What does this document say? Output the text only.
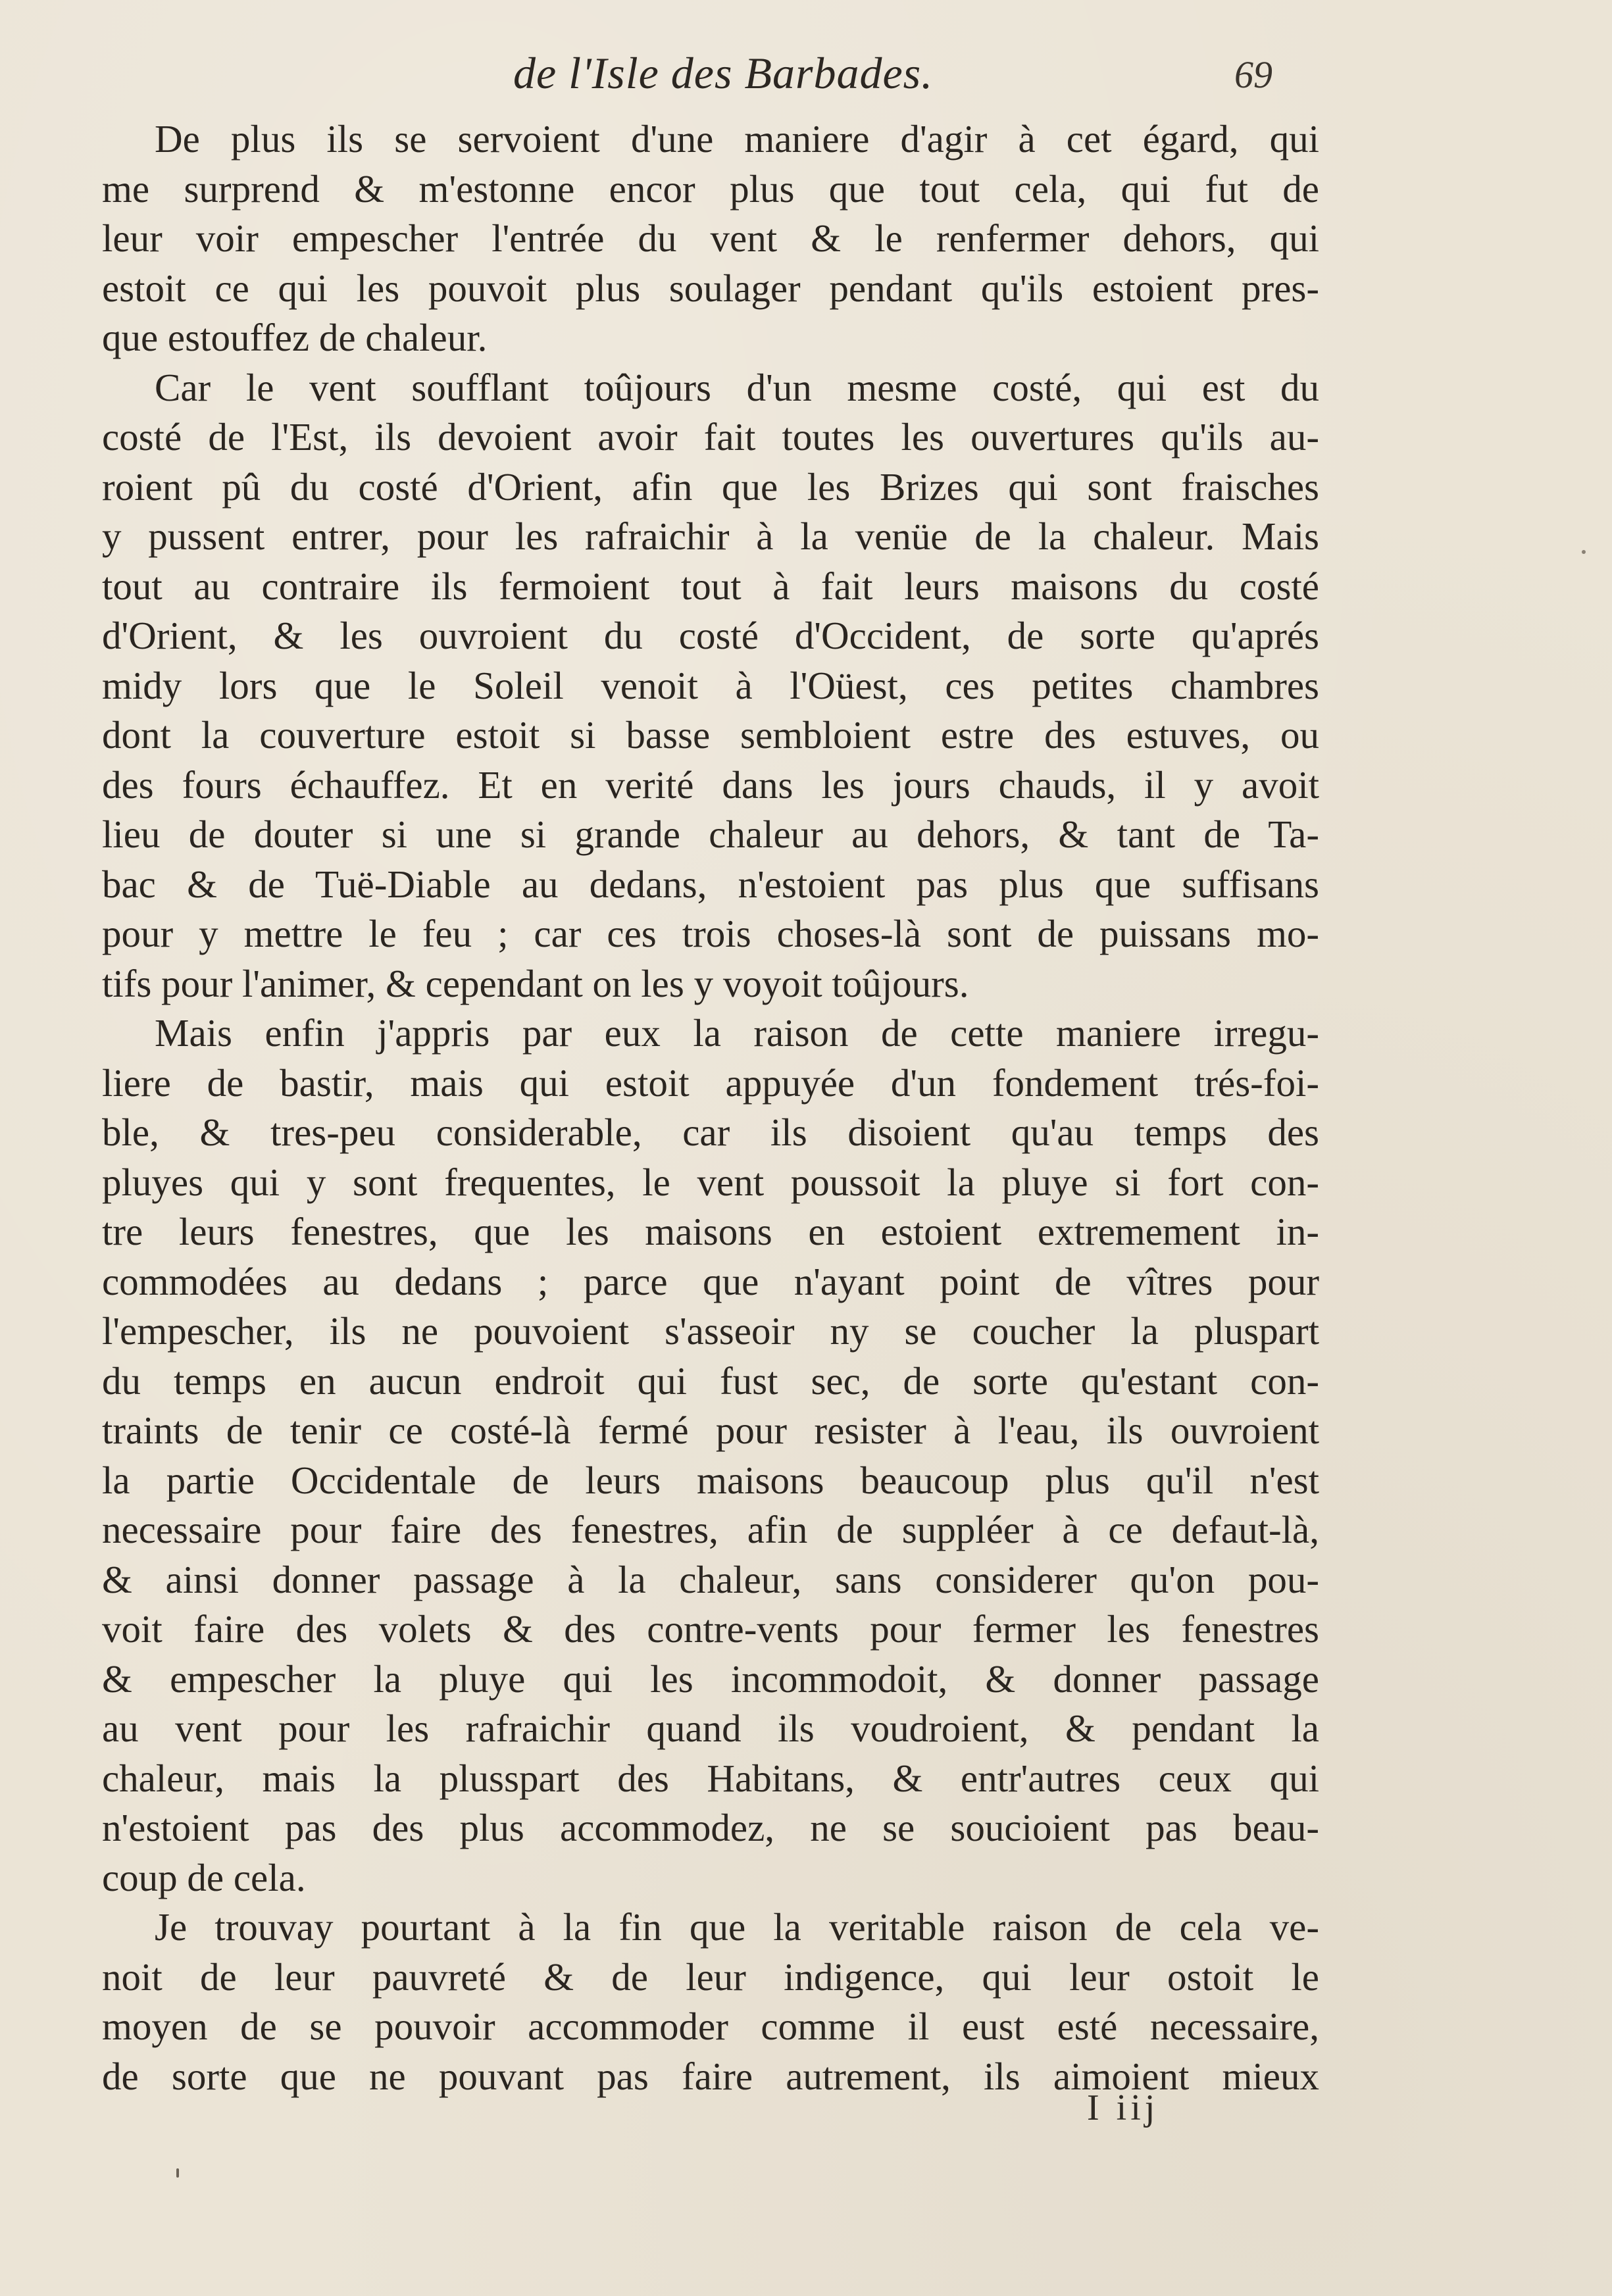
de l'Isle des Barbades.	69
De plus ils se servoient d'une maniere d'agir à cet égard, qui
me surprend & m'estonne encor plus que tout cela, qui fut de
leur voir empescher l'entrée du vent & le renfermer dehors, qui
estoit ce qui les pouvoit plus soulager pendant qu'ils estoient pres-
que estouffez de chaleur.
Car le vent soufflant toûjours d'un mesme costé, qui est du
costé de l'Est, ils devoient avoir fait toutes les ouvertures qu'ils au-
roient pû du costé d'Orient, afin que les Brizes qui sont fraisches
y pussent entrer, pour les rafraichir à la venüe de la chaleur. Mais
tout au contraire ils fermoient tout à fait leurs maisons du costé
d'Orient, & les ouvroient du costé d'Occident, de sorte qu'aprés
midy lors que le Soleil venoit à l'Oüest, ces petites chambres
dont la couverture estoit si basse sembloient estre des estuves, ou
des fours échauffez. Et en verité dans les jours chauds, il y avoit
lieu de douter si une si grande chaleur au dehors, & tant de Ta-
bac & de Tuë-Diable au dedans, n'estoient pas plus que suffisans
pour y mettre le feu ; car ces trois choses-là sont de puissans mo-
tifs pour l'animer, & cependant on les y voyoit toûjours.
Mais enfin j'appris par eux la raison de cette maniere irregu-
liere de bastir, mais qui estoit appuyée d'un fondement trés-foi-
ble, & tres-peu considerable, car ils disoient qu'au temps des
pluyes qui y sont frequentes, le vent poussoit la pluye si fort con-
tre leurs fenestres, que les maisons en estoient extremement in-
commodées au dedans ; parce que n'ayant point de vîtres pour
l'empescher, ils ne pouvoient s'asseoir ny se coucher la pluspart
du temps en aucun endroit qui fust sec, de sorte qu'estant con-
traints de tenir ce costé-là fermé pour resister à l'eau, ils ouvroient
la partie Occidentale de leurs maisons beaucoup plus qu'il n'est
necessaire pour faire des fenestres, afin de suppléer à ce defaut-là,
& ainsi donner passage à la chaleur, sans considerer qu'on pou-
voit faire des volets & des contre-vents pour fermer les fenestres
& empescher la pluye qui les incommodoit, & donner passage
au vent pour les rafraichir quand ils voudroient, & pendant la
chaleur, mais la plusspart des Habitans, & entr'autres ceux qui
n'estoient pas des plus accommodez, ne se soucioient pas beau-
coup de cela.
Je trouvay pourtant à la fin que la veritable raison de cela ve-
noit de leur pauvreté & de leur indigence, qui leur ostoit le
moyen de se pouvoir accommoder comme il eust esté necessaire,
de sorte que ne pouvant pas faire autrement, ils aimoient mieux
I iij
